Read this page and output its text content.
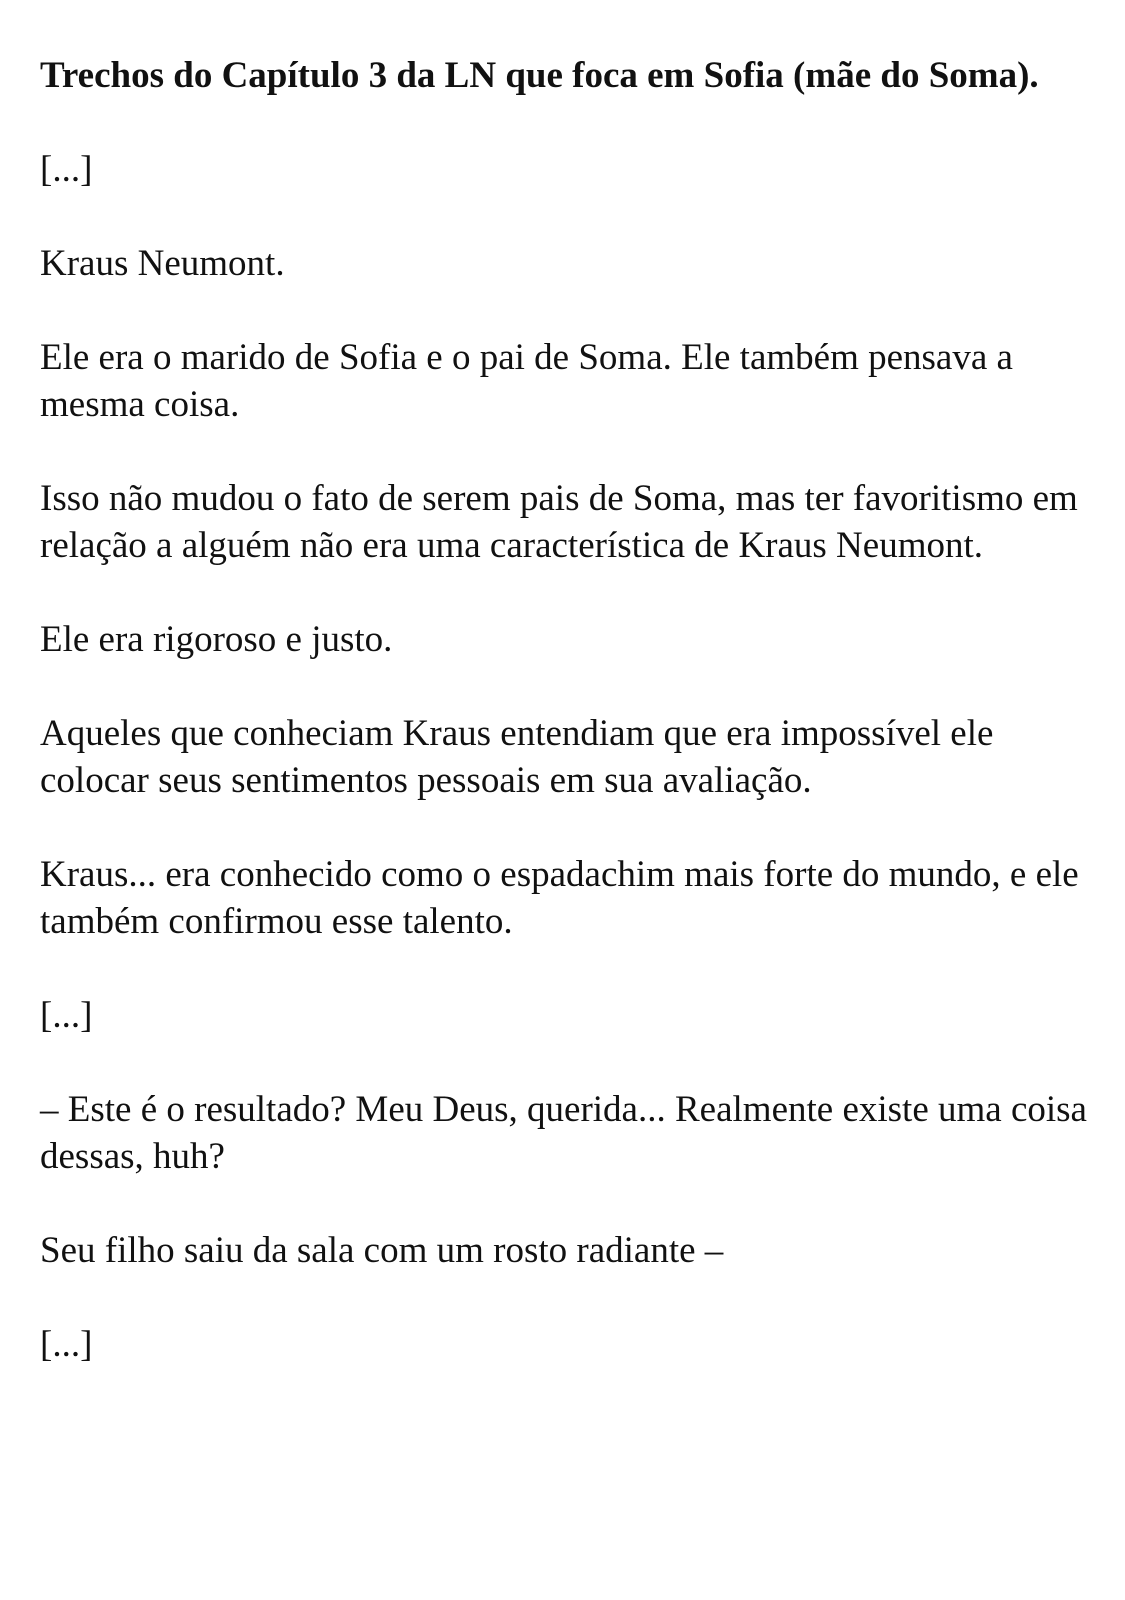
Trechos do Capítulo 3 da LN que foca em Sofia (mãe do Soma).

[...]

Kraus Neumont.

Ele era o marido de Sofia e o pai de Soma. Ele também pensava a mesma coisa.

Isso não mudou o fato de serem pais de Soma, mas ter favoritismo em relação a alguém não era uma característica de Kraus Neumont.

Ele era rigoroso e justo.

Aqueles que conheciam Kraus entendiam que era impossível ele colocar seus sentimentos pessoais em sua avaliação.

Kraus... era conhecido como o espadachim mais forte do mundo, e ele também confirmou esse talento.

[...]

– Este é o resultado? Meu Deus, querida... Realmente existe uma coisa dessas, huh?

Seu filho saiu da sala com um rosto radiante –

[...]
